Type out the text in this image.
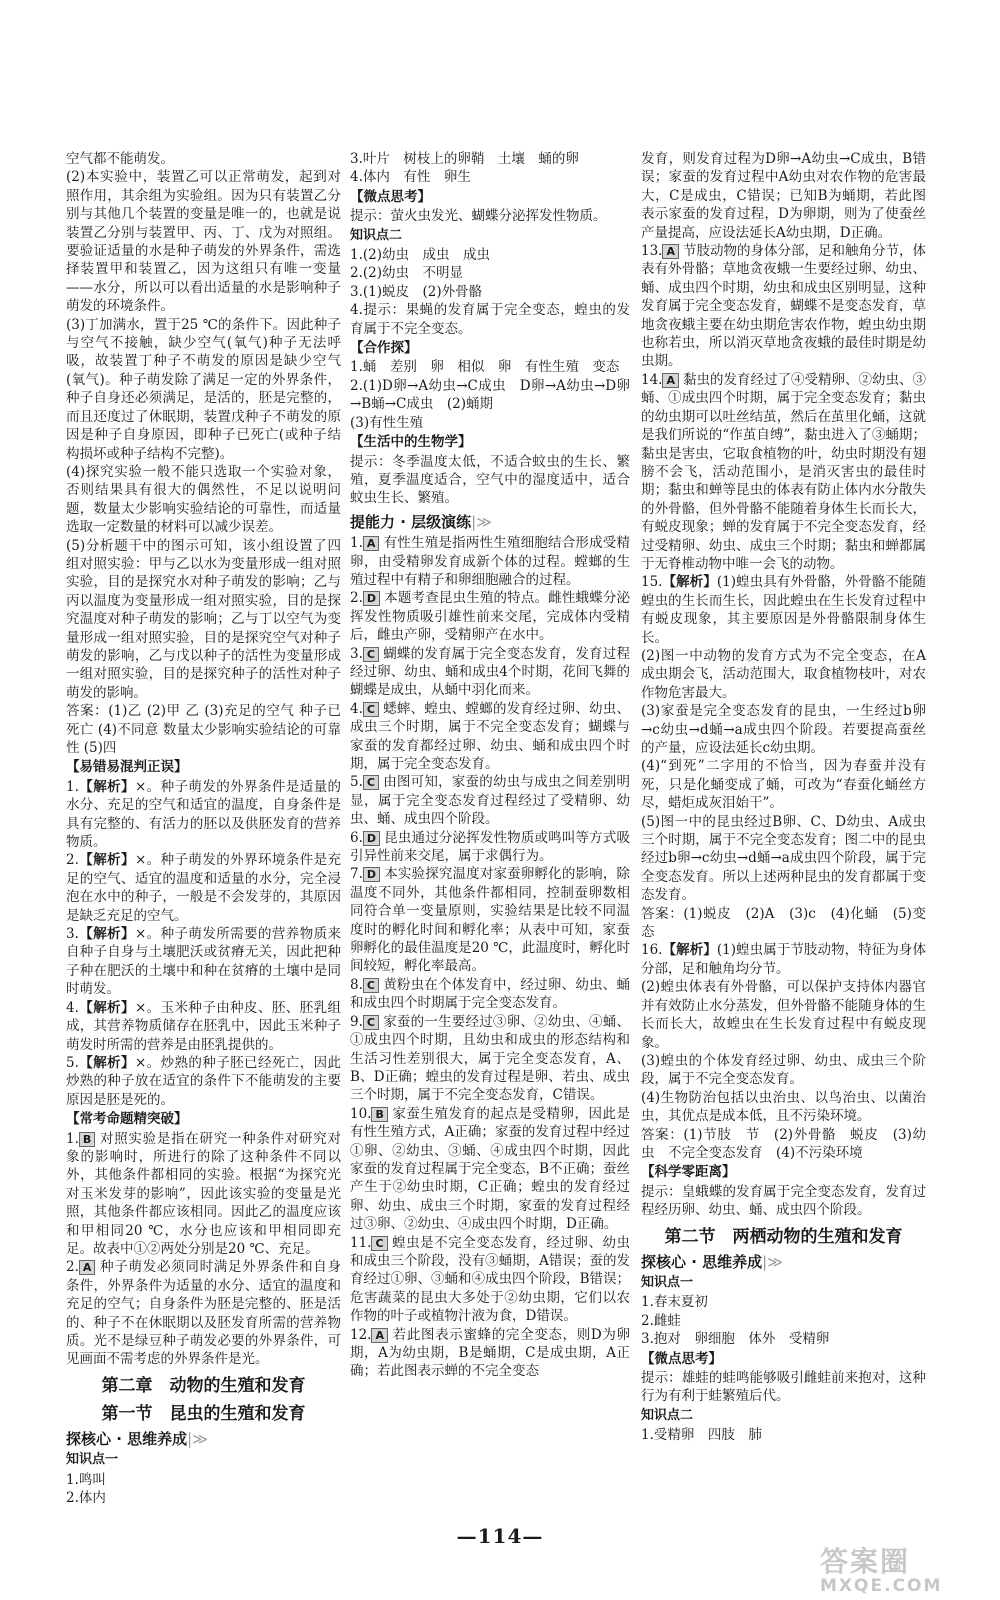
空气都不能萌发。

(2)本实验中，装置乙可以正常萌发，起到对照作用，其余组为实验组。因为只有装置乙分别与其他几个装置的变量是唯一的，也就是说装置乙分别与装置甲、丙、丁、戊为对照组。要验证适量的水是种子萌发的外界条件，需选择装置甲和装置乙，因为这组只有唯一变量——水分，所以可以看出适量的水是影响种子萌发的环境条件。

(3)丁加满水，置于25 ℃的条件下。因此种子与空气不接触，缺少空气(氧气)种子无法呼吸，故装置丁种子不萌发的原因是缺少空气(氧气)。种子萌发除了满足一定的外界条件，种子自身还必须满足，是活的，胚是完整的，而且还度过了休眠期，装置戊种子不萌发的原因是种子自身原因，即种子已死亡(或种子结构损坏或种子结构不完整)。

(4)探究实验一般不能只选取一个实验对象，否则结果具有很大的偶然性，不足以说明问题，数量太少影响实验结论的可靠性，而适量选取一定数量的材料可以减少误差。

(5)分析题干中的图示可知，该小组设置了四组对照实验：甲与乙以水为变量形成一组对照实验，目的是探究水对种子萌发的影响；乙与丙以温度为变量形成一组对照实验，目的是探究温度对种子萌发的影响；乙与丁以空气为变量形成一组对照实验，目的是探究空气对种子萌发的影响，乙与戊以种子的活性为变量形成一组对照实验，目的是探究种子的活性对种子萌发的影响。

答案：(1)乙 (2)甲 乙 (3)充足的空气 种子已死亡 (4)不同意 数量太少影响实验结论的可靠性 (5)四

【易错易混判正误】

1.【解析】×。种子萌发的外界条件是适量的水分、充足的空气和适宜的温度，自身条件是具有完整的、有活力的胚以及供胚发育的营养物质。

2.【解析】×。种子萌发的外界环境条件是充足的空气、适宜的温度和适量的水分，完全浸泡在水中的种子，一般是不会发芽的，其原因是缺乏充足的空气。

3.【解析】×。种子萌发所需要的营养物质来自种子自身与土壤肥沃或贫瘠无关，因此把种子种在肥沃的土壤中和种在贫瘠的土壤中是同时萌发。

4.【解析】×。玉米种子由种皮、胚、胚乳组成，其营养物质储存在胚乳中，因此玉米种子萌发时所需的营养是由胚乳提供的。

5.【解析】×。炒熟的种子胚已经死亡，因此炒熟的种子放在适宜的条件下不能萌发的主要原因是胚是死的。

【常考命题精突破】

1. B 对照实验是指在研究一种条件对研究对象的影响时，所进行的除了这种条件不同以外，其他条件都相同的实验。根据“为探究光对玉米发芽的影响”，因此该实验的变量是光照，其他条件都应该相同。因此乙的温度应该和甲相同20 ℃，水分也应该和甲相同即充足。故表中①②两处分别是20 ℃、充足。

2. A 种子萌发必须同时满足外界条件和自身条件，外界条件为适量的水分、适宜的温度和充足的空气；自身条件为胚是完整的、胚是活的、种子不在休眠期以及胚发育所需的营养物质。光不是绿豆种子萌发必要的外界条件，可见画面不需考虑的外界条件是光。

第二章　动物的生殖和发育
第一节　昆虫的生殖和发育
探核心 · 思维养成|≫
知识点一
1.鸣叫
2.体内
3.叶片　树枝上的卵鞘　土壤　蛹的卵
4.体内　有性　卵生
【微点思考】

提示：萤火虫发光、蝴蝶分泌挥发性物质。

知识点二
1.(2)幼虫　成虫　成虫
2.(2)幼虫　不明显
3.(1)蜕皮　(2)外骨骼

4.提示：果蝇的发育属于完全变态，蝗虫的发育属于不完全变态。

【合作探】

1.蛹　差别　卵　相似　卵　有性生殖　变态

2.(1)D卵→A幼虫→C成虫　D卵→A幼虫→D卵→B蛹→C成虫　(2)蛹期

(3)有性生殖

【生活中的生物学】

提示：冬季温度太低，不适合蚊虫的生长、繁殖，夏季温度适合，空气中的湿度适中，适合蚊虫生长、繁殖。

提能力 · 层级演练|≫

1. A 有性生殖是指两性生殖细胞结合形成受精卵，由受精卵发育成新个体的过程。螳螂的生殖过程中有精子和卵细胞融合的过程。

2. D 本题考查昆虫生殖的特点。雌性蛾蝶分泌挥发性物质吸引雄性前来交尾，完成体内受精后，雌虫产卵，受精卵产在水中。

3. C 蝴蝶的发育属于完全变态发育，发育过程经过卵、幼虫、蛹和成虫4个时期，花间飞舞的蝴蝶是成虫，从蛹中羽化而来。

4. C 蟋蟀、蝗虫、螳螂的发育经过卵、幼虫、成虫三个时期，属于不完全变态发育；蝴蝶与家蚕的发育都经过卵、幼虫、蛹和成虫四个时期，属于完全变态发育。

5. C 由图可知，家蚕的幼虫与成虫之间差别明显，属于完全变态发育过程经过了受精卵、幼虫、蛹、成虫四个阶段。

6. D 昆虫通过分泌挥发性物质或鸣叫等方式吸引异性前来交尾，属于求偶行为。

7. D 本实验探究温度对家蚕卵孵化的影响，除温度不同外，其他条件都相同，控制蚕卵数相同符合单一变量原则，实验结果是比较不同温度时的孵化时间和孵化率；从表中可知，家蚕卵孵化的最佳温度是20 ℃，此温度时，孵化时间较短，孵化率最高。

8. C 黄粉虫在个体发育中，经过卵、幼虫、蛹和成虫四个时期属于完全变态发育。

9. C 家蚕的一生要经过③卵、②幼虫、④蛹、①成虫四个时期，且幼虫和成虫的形态结构和生活习性差别很大，属于完全变态发育，A、B、D正确；蝗虫的发育过程是卵、若虫、成虫三个时期，属于不完全变态发育，C错误。

10. B 家蚕生殖发育的起点是受精卵，因此是有性生殖方式，A正确；家蚕的发育过程中经过①卵、②幼虫、③蛹、④成虫四个时期，因此家蚕的发育过程属于完全变态，B不正确；蚕丝产生于②幼虫时期，C正确；蝗虫的发育经过卵、幼虫、成虫三个时期，家蚕的发育过程经过③卵、②幼虫、④成虫四个时期，D正确。

11. C 蝗虫是不完全变态发育，经过卵、幼虫和成虫三个阶段，没有③蛹期，A错误；蚕的发育经过①卵、③蛹和④成虫四个阶段，B错误；危害蔬菜的昆虫大多处于②幼虫期，它们以农作物的叶子或植物汁液为食，D错误。

12. A 若此图表示蜜蜂的完全变态，则D为卵期，A为幼虫期，B是蛹期，C是成虫期，A正确；若此图表示蝉的不完全变态

发育，则发育过程为D卵→A幼虫→C成虫，B错误；家蚕的发育过程中A幼虫对农作物的危害最大，C是成虫，C错误；已知B为蛹期，若此图表示家蚕的发育过程，D为卵期，则为了使蚕丝产量提高，应设法延长A幼虫期，D正确。

13. A 节肢动物的身体分部，足和触角分节，体表有外骨骼；草地贪夜蛾一生要经过卵、幼虫、蛹、成虫四个时期，幼虫和成虫区别明显，这种发育属于完全变态发育，蝴蝶不是变态发育，草地贪夜蛾主要在幼虫期危害农作物，蝗虫幼虫期也称若虫，所以消灭草地贪夜蛾的最佳时期是幼虫期。

14. A 黏虫的发育经过了④受精卵、②幼虫、③蛹、①成虫四个时期，属于完全变态发育；黏虫的幼虫期可以吐丝结茧，然后在茧里化蛹，这就是我们所说的“作茧自缚”，黏虫进入了③蛹期；黏虫是害虫，它取食植物的叶，幼虫时期没有翅膀不会飞，活动范围小，是消灭害虫的最佳时期；黏虫和蝉等昆虫的体表有防止体内水分散失的外骨骼，但外骨骼不能随着身体生长而长大，有蜕皮现象；蝉的发育属于不完全变态发育，经过受精卵、幼虫、成虫三个时期；黏虫和蝉都属于无脊椎动物中唯一会飞的动物。

15.【解析】(1)蝗虫具有外骨骼，外骨骼不能随蝗虫的生长而生长，因此蝗虫在生长发育过程中有蜕皮现象，其主要原因是外骨骼限制身体生长。

(2)图一中动物的发育方式为不完全变态，在A成虫期会飞，活动范围大，取食植物枝叶，对农作物危害最大。

(3)家蚕是完全变态发育的昆虫，一生经过b卵→c幼虫→d蛹→a成虫四个阶段。若要提高蚕丝的产量，应设法延长c幼虫期。

(4)“到死”二字用的不恰当，因为春蚕并没有死，只是化蛹变成了蛹，可改为“春蚕化蛹丝方尽，蜡炬成灰泪始干”。

(5)图一中的昆虫经过B卵、C、D幼虫、A成虫三个时期，属于不完全变态发育；图二中的昆虫经过b卵→c幼虫→d蛹→a成虫四个阶段，属于完全变态发育。所以上述两种昆虫的发育都属于变态发育。

答案：(1)蜕皮　(2)A　(3)c　(4)化蛹　(5)变态

16.【解析】(1)蝗虫属于节肢动物，特征为身体分部，足和触角均分节。

(2)蝗虫体表有外骨骼，可以保护支持体内器官并有效防止水分蒸发，但外骨骼不能随身体的生长而长大，故蝗虫在生长发育过程中有蜕皮现象。

(3)蝗虫的个体发育经过卵、幼虫、成虫三个阶段，属于不完全变态发育。

(4)生物防治包括以虫治虫、以鸟治虫、以菌治虫，其优点是成本低，且不污染环境。

答案：(1)节肢　节　(2)外骨骼　蜕皮　(3)幼虫　不完全变态发育　(4)不污染环境

【科学零距离】

提示：皇蛾蝶的发育属于完全变态发育，发育过程经历卵、幼虫、蛹、成虫四个阶段。

第二节　两栖动物的生殖和发育
探核心 · 思维养成|≫
知识点一
1.春末夏初
2.雌蛙
3.抱对　卵细胞　体外　受精卵
【微点思考】

提示：雄蛙的蛙鸣能够吸引雌蛙前来抱对，这种行为有利于蛙繁殖后代。

知识点二
1.受精卵　四肢　肺
—114—
答案圈
MXQE.COM
